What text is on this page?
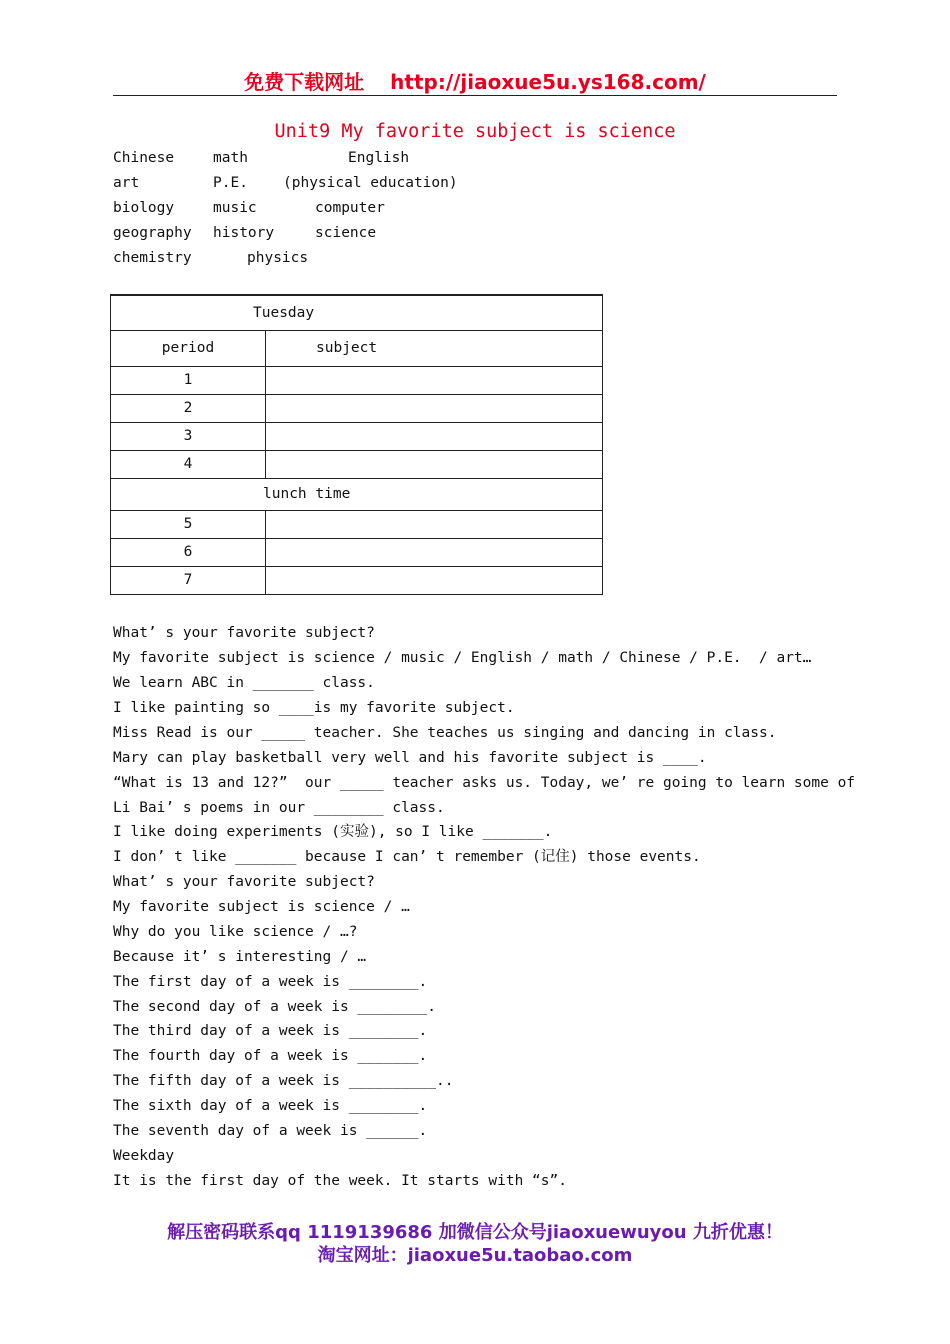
免费下载网址 http://jiaoxue5u.ys168.com/
Unit9 My favorite subject is science
Chinese	math	English
art	P.E. (physical education)
biology	music	computer
geography history	science
chemistry	physics
Tuesday	
period	subject
1	
2	
3	
4	
lunch time	
5	
6	
7	
What’ s your favorite subject?
My favorite subject is science / music / English / math / Chinese / P.E.  / art…
We learn ABC in _______ class.
I like painting so ____is my favorite subject.
Miss Read is our _____ teacher. She teaches us singing and dancing in class.
Mary can play basketball very well and his favorite subject is ____.
“What is 13 and 12?”  our _____ teacher asks us. Today, we’ re going to learn some of
Li Bai’ s poems in our ________ class.
I like doing experiments (实验), so I like _______.
I don’ t like _______ because I can’ t remember (记住) those events.
What’ s your favorite subject?
My favorite subject is science / …
Why do you like science / …?
Because it’ s interesting / …
The first day of a week is ________.
The second day of a week is ________.
The third day of a week is ________.
The fourth day of a week is _______.
The fifth day of a week is __________..
The sixth day of a week is ________.
The seventh day of a week is ______.
Weekday
It is the first day of the week. It starts with “s”.
解压密码联系qq 1119139686 加微信公众号jiaoxuewuyou 九折优惠！
淘宝网址：jiaoxue5u.taobao.com
